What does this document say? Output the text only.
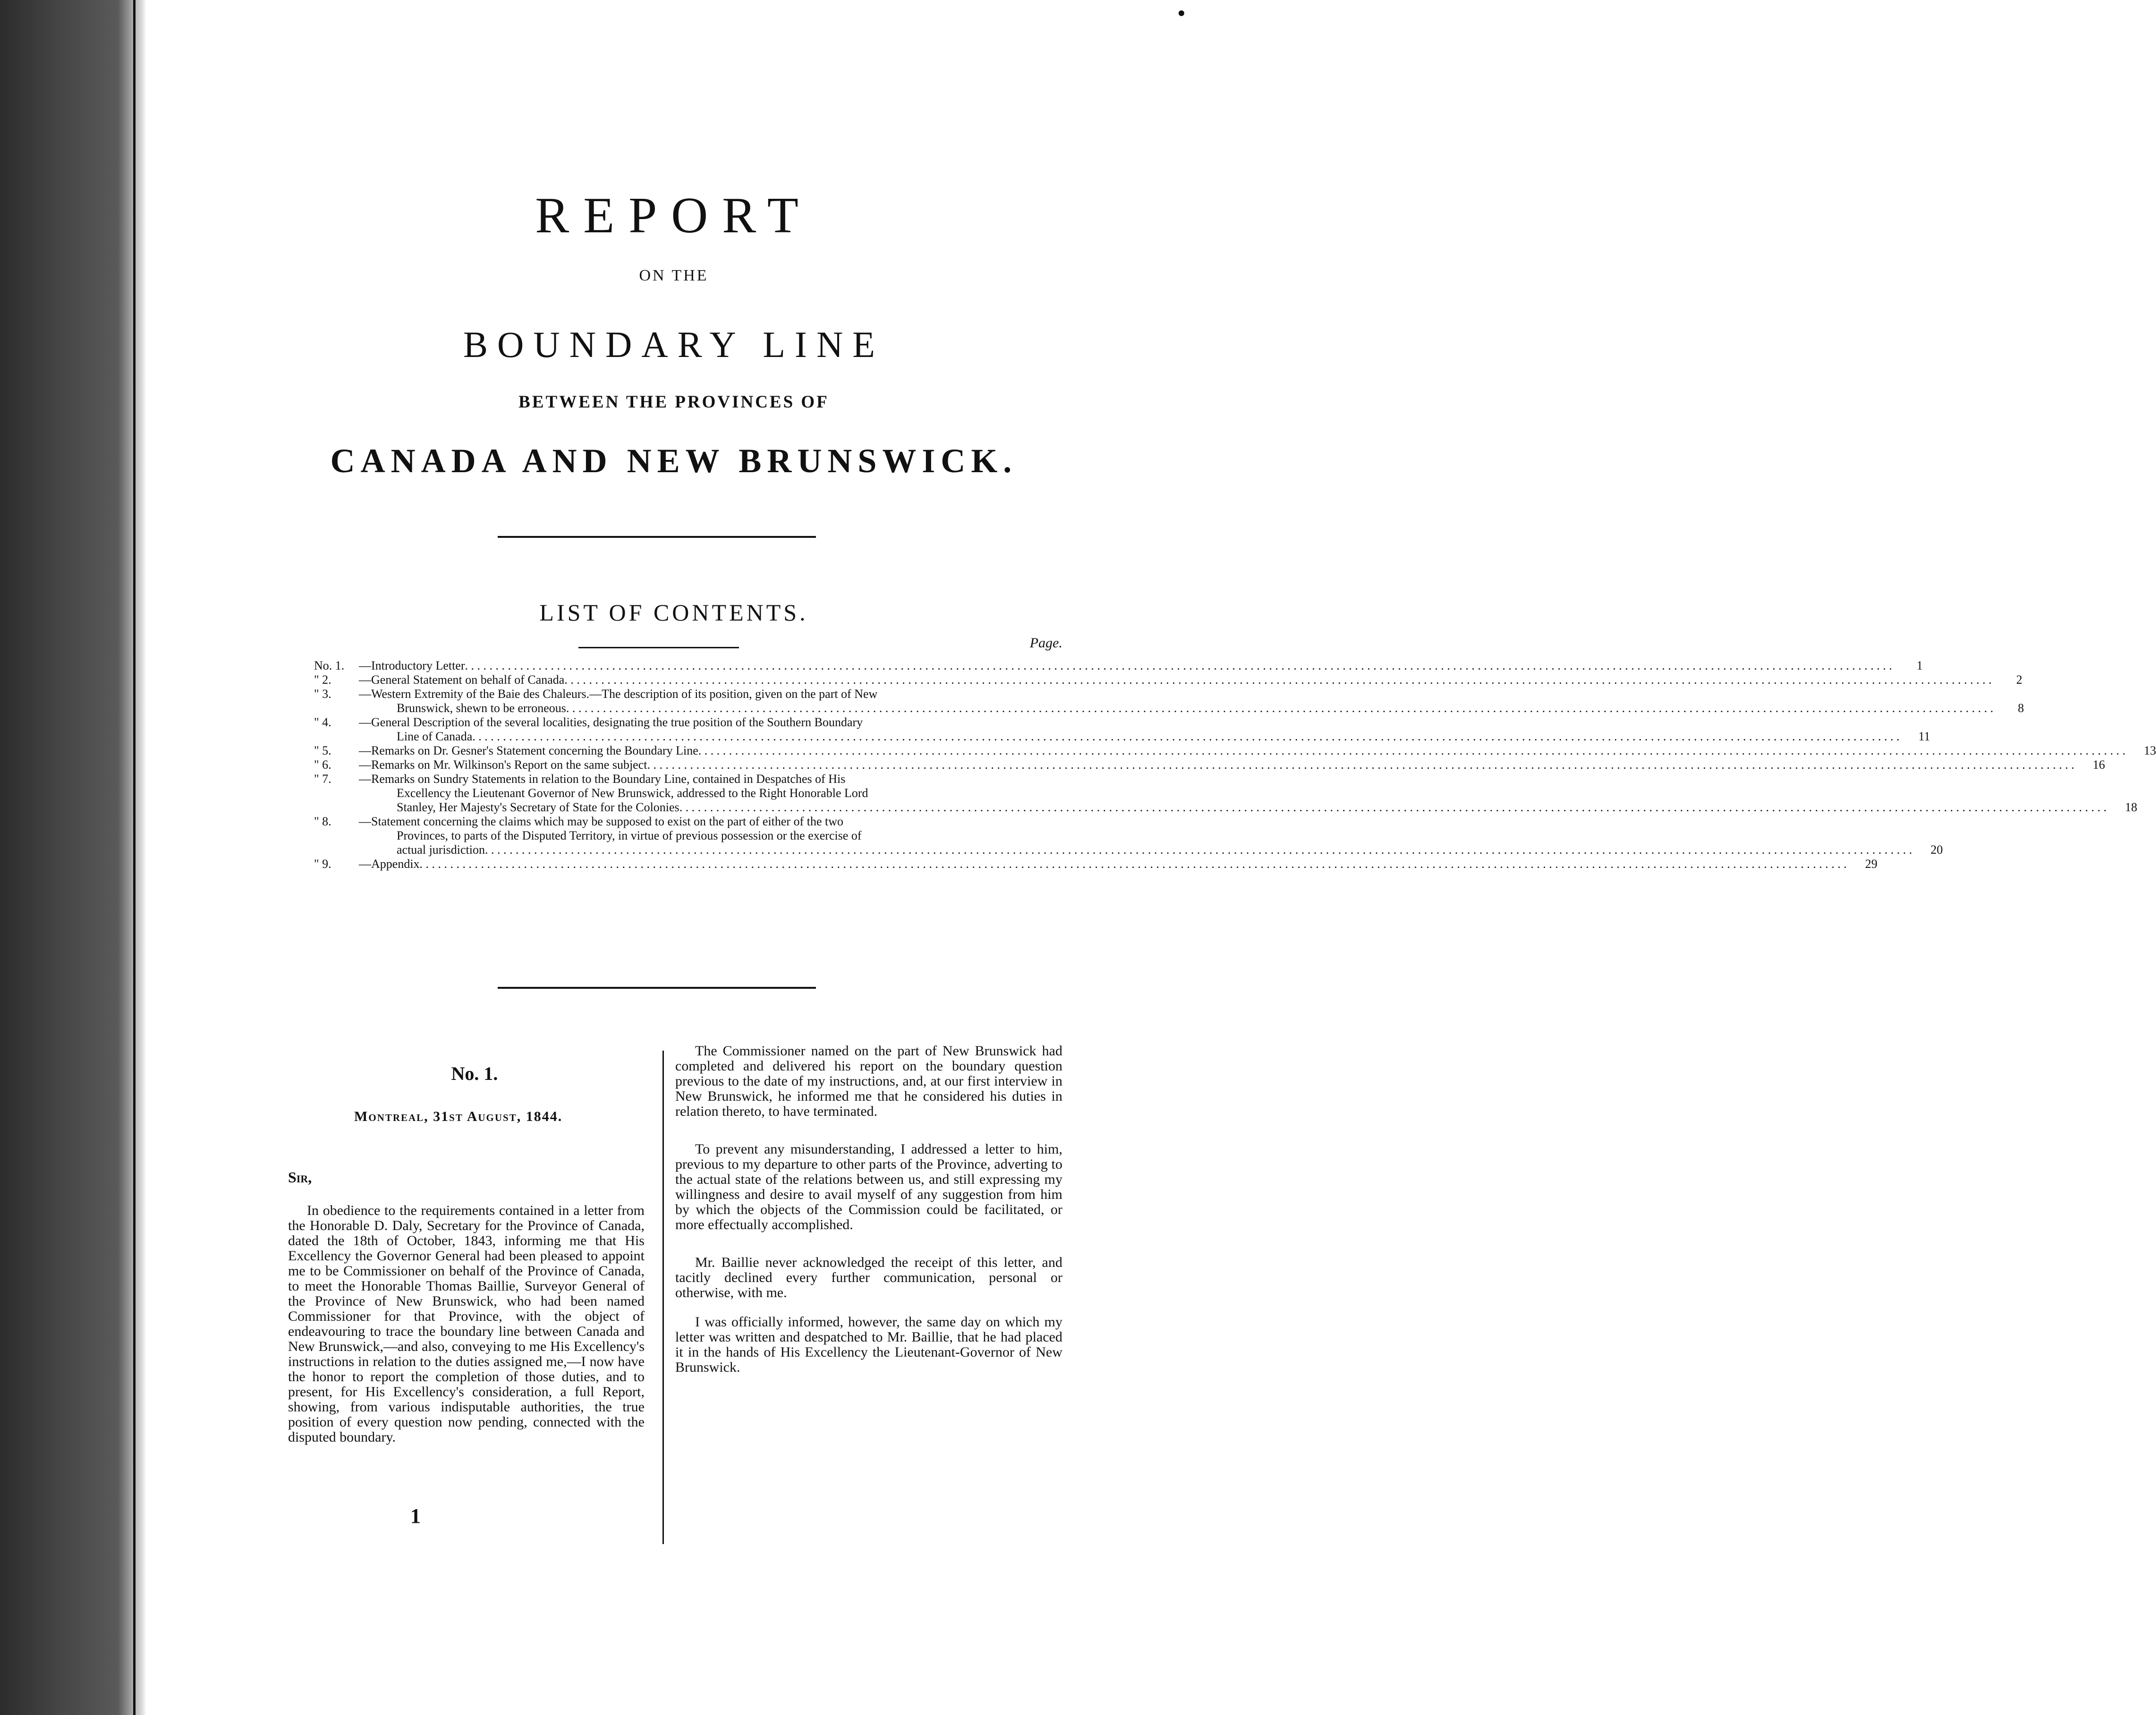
REPORT
ON THE
BOUNDARY LINE
BETWEEN THE PROVINCES OF
CANADA AND NEW BRUNSWICK.
LIST OF CONTENTS.
Page.
No. 1.	—Introductory Letter . . .	1
" 2.	—General Statement on behalf of Canada . . .	2
" 3.	—Western Extremity of the Baie des Chaleurs.—The description of its position, given on the part of New
Brunswick, shewn to be erroneous . . .	8
" 4.	—General Description of the several localities, designating the true position of the Southern Boundary
Line of Canada . . .	11
" 5.	—Remarks on Dr. Gesner's Statement concerning the Boundary Line . . .	13
" 6.	—Remarks on Mr. Wilkinson's Report on the same subject . . .	16
" 7.	—Remarks on Sundry Statements in relation to the Boundary Line, contained in Despatches of His
Excellency the Lieutenant Governor of New Brunswick, addressed to the Right Honorable Lord
Stanley, Her Majesty's Secretary of State for the Colonies . . .	18
" 8.	—Statement concerning the claims which may be supposed to exist on the part of either of the two
Provinces, to parts of the Disputed Territory, in virtue of previous possession or the exercise of
actual jurisdiction . . .	20
" 9.	—Appendix . . .	29
No. 1.
Montreal, 31st August, 1844.
Sir,

In obedience to the requirements contained in a letter from the Honorable D. Daly, Secretary for the Province of Canada, dated the 18th of October, 1843, informing me that His Excellency the Governor General had been pleased to appoint me to be Commissioner on behalf of the Province of Canada, to meet the Honorable Thomas Baillie, Surveyor General of the Province of New Brunswick, who had been named Commissioner for that Province, with the object of endeavouring to trace the boundary line between Canada and New Brunswick,—and also, conveying to me His Excellency's instructions in relation to the duties assigned me,—I now have the honor to report the completion of those duties, and to present, for His Excellency's consideration, a full Report, showing, from various indisputable authorities, the true position of every question now pending, connected with the disputed boundary.

The Commissioner named on the part of New Brunswick had completed and delivered his report on the boundary question previous to the date of my instructions, and, at our first interview in New Brunswick, he informed me that he considered his duties in relation thereto, to have terminated.

To prevent any misunderstanding, I addressed a letter to him, previous to my departure to other parts of the Province, adverting to the actual state of the relations between us, and still expressing my willingness and desire to avail myself of any suggestion from him by which the objects of the Commission could be facilitated, or more effectually accomplished.

Mr. Baillie never acknowledged the receipt of this letter, and tacitly declined every further communication, personal or otherwise, with me.

I was officially informed, however, the same day on which my letter was written and despatched to Mr. Baillie, that he had placed it in the hands of His Excellency the Lieutenant-Governor of New Brunswick.

1
